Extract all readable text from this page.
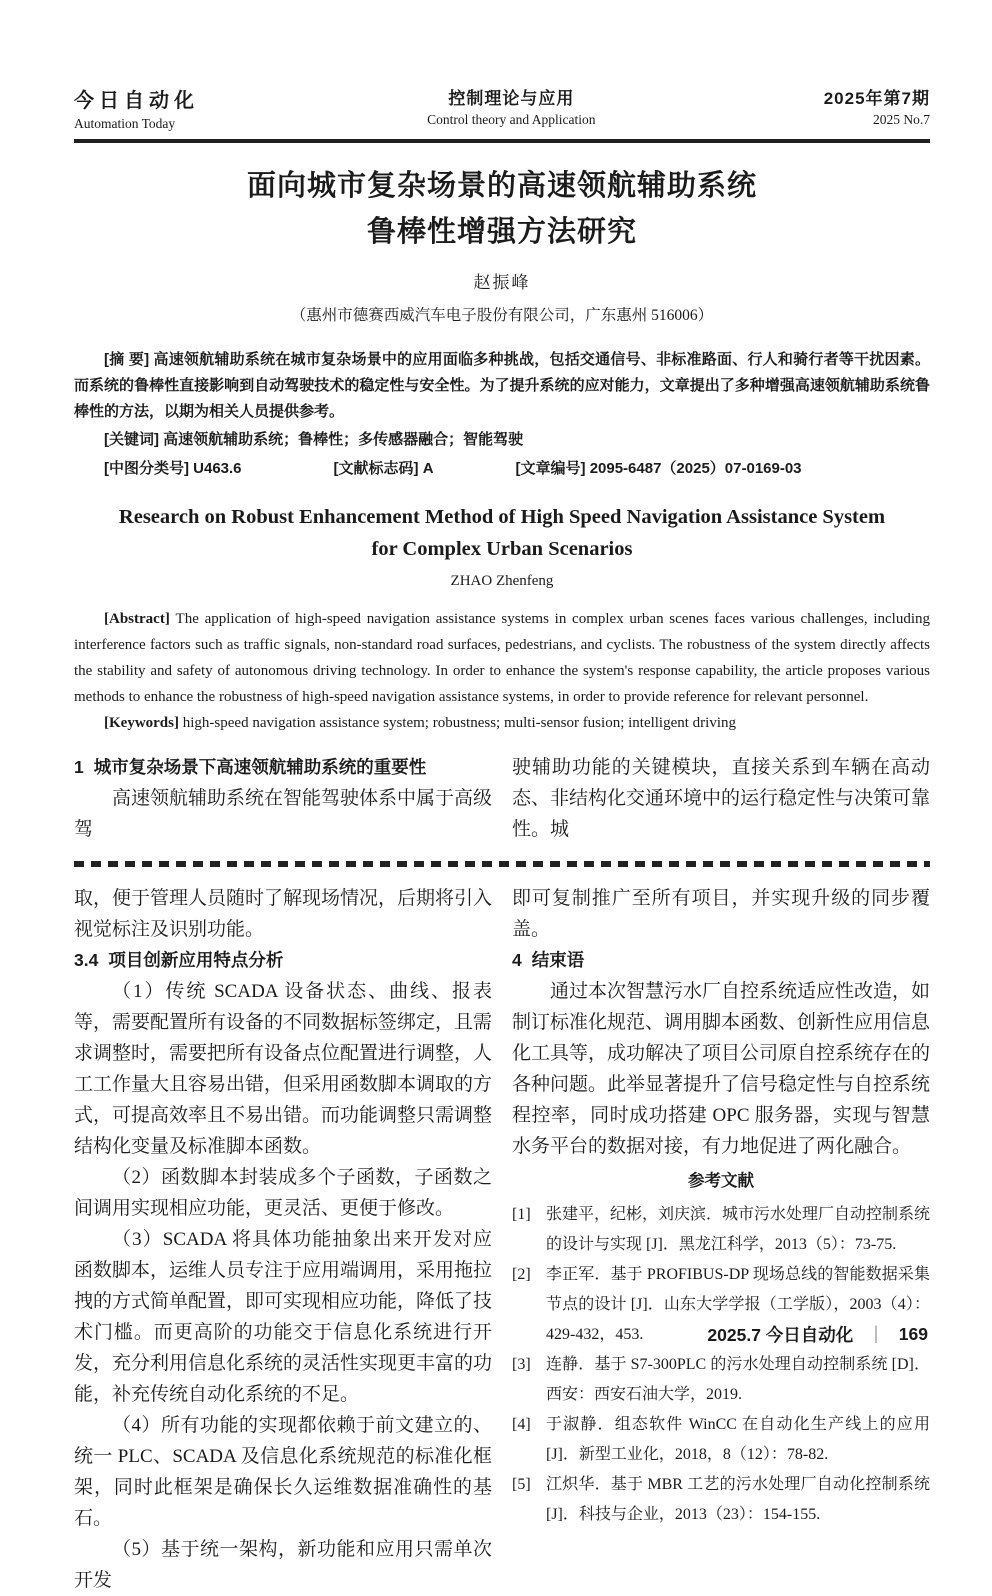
今日自动化
Automation Today
控制理论与应用
Control theory and Application
2025年第7期
2025 No.7
面向城市复杂场景的高速领航辅助系统
鲁棒性增强方法研究
赵振峰
（惠州市德赛西威汽车电子股份有限公司，广东惠州 516006）

[摘 要] 高速领航辅助系统在城市复杂场景中的应用面临多种挑战，包括交通信号、非标准路面、行人和骑行者等干扰因素。而系统的鲁棒性直接影响到自动驾驶技术的稳定性与安全性。为了提升系统的应对能力，文章提出了多种增强高速领航辅助系统鲁棒性的方法，以期为相关人员提供参考。

[关键词] 高速领航辅助系统；鲁棒性；多传感器融合；智能驾驶

[中图分类号] U463.6	[文献标志码] A	[文章编号] 2095-6487（2025）07-0169-03
Research on Robust Enhancement Method of High Speed Navigation Assistance System
for Complex Urban Scenarios
ZHAO Zhenfeng

[Abstract] The application of high-speed navigation assistance systems in complex urban scenes faces various challenges, including interference factors such as traffic signals, non-standard road surfaces, pedestrians, and cyclists. The robustness of the system directly affects the stability and safety of autonomous driving technology. In order to enhance the system's response capability, the article proposes various methods to enhance the robustness of high-speed navigation assistance systems, in order to provide reference for relevant personnel.

[Keywords] high-speed navigation assistance system; robustness; multi-sensor fusion; intelligent driving

1 城市复杂场景下高速领航辅助系统的重要性

高速领航辅助系统在智能驾驶体系中属于高级驾

驶辅助功能的关键模块，直接关系到车辆在高动态、非结构化交通环境中的运行稳定性与决策可靠性。城

取，便于管理人员随时了解现场情况，后期将引入视觉标注及识别功能。

3.4 项目创新应用特点分析

（1）传统 SCADA 设备状态、曲线、报表等，需要配置所有设备的不同数据标签绑定，且需求调整时，需要把所有设备点位配置进行调整，人工工作量大且容易出错，但采用函数脚本调取的方式，可提高效率且不易出错。而功能调整只需调整结构化变量及标准脚本函数。

（2）函数脚本封装成多个子函数，子函数之间调用实现相应功能，更灵活、更便于修改。

（3）SCADA 将具体功能抽象出来开发对应函数脚本，运维人员专注于应用端调用，采用拖拉拽的方式简单配置，即可实现相应功能，降低了技术门槛。而更高阶的功能交于信息化系统进行开发，充分利用信息化系统的灵活性实现更丰富的功能，补充传统自动化系统的不足。

（4）所有功能的实现都依赖于前文建立的、统一 PLC、SCADA 及信息化系统规范的标准化框架，同时此框架是确保长久运维数据准确性的基石。

（5）基于统一架构，新功能和应用只需单次开发

即可复制推广至所有项目，并实现升级的同步覆盖。

4 结束语

通过本次智慧污水厂自控系统适应性改造，如制订标准化规范、调用脚本函数、创新性应用信息化工具等，成功解决了项目公司原自控系统存在的各种问题。此举显著提升了信号稳定性与自控系统程控率，同时成功搭建 OPC 服务器，实现与智慧水务平台的数据对接，有力地促进了两化融合。

参考文献
[1] 张建平，纪彬，刘庆滨．城市污水处理厂自动控制系统的设计与实现 [J]．黑龙江科学，2013（5）：73-75.
[2] 李正军．基于 PROFIBUS-DP 现场总线的智能数据采集节点的设计 [J]．山东大学学报（工学版），2003（4）：429-432，453.
[3] 连静．基于 S7-300PLC 的污水处理自动控制系统 [D]．西安：西安石油大学，2019.
[4] 于淑静．组态软件 WinCC 在自动化生产线上的应用 [J]．新型工业化，2018，8（12）：78-82.
[5] 江炽华．基于 MBR 工艺的污水处理厂自动化控制系统 [J]．科技与企业，2013（23）：154-155.
2025.7 今日自动化 ｜ 169
